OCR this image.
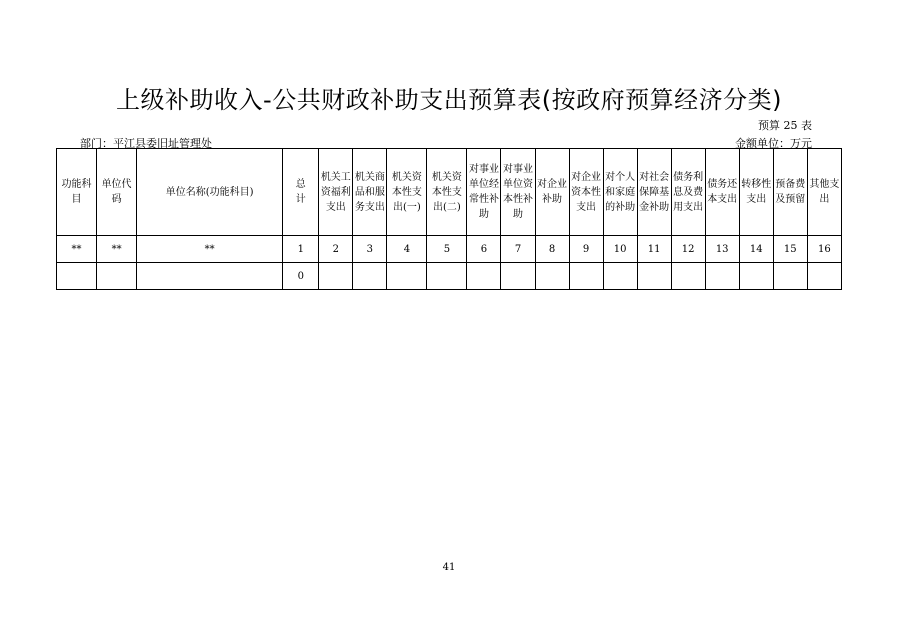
上级补助收入-公共财政补助支出预算表(按政府预算经济分类)
预算 25 表
部门：平江县委旧址管理处	金额单位：万元
功能科目	单位代码	单位名称(功能科目)	总计	机关工资福利支出	机关商品和服务支出	机关资本性支出(一)	机关资本性支出(二)	对事业单位经常性补助	对事业单位资本性补助	对企业补助	对企业资本性支出	对个人和家庭的补助	对社会保障基金补助	债务利息及费用支出	债务还本支出	转移性支出	预备费及预留	其他支出
**	**	**	1	2	3	4	5	6	7	8	9	10	11	12	13	14	15	16
			0															
41
